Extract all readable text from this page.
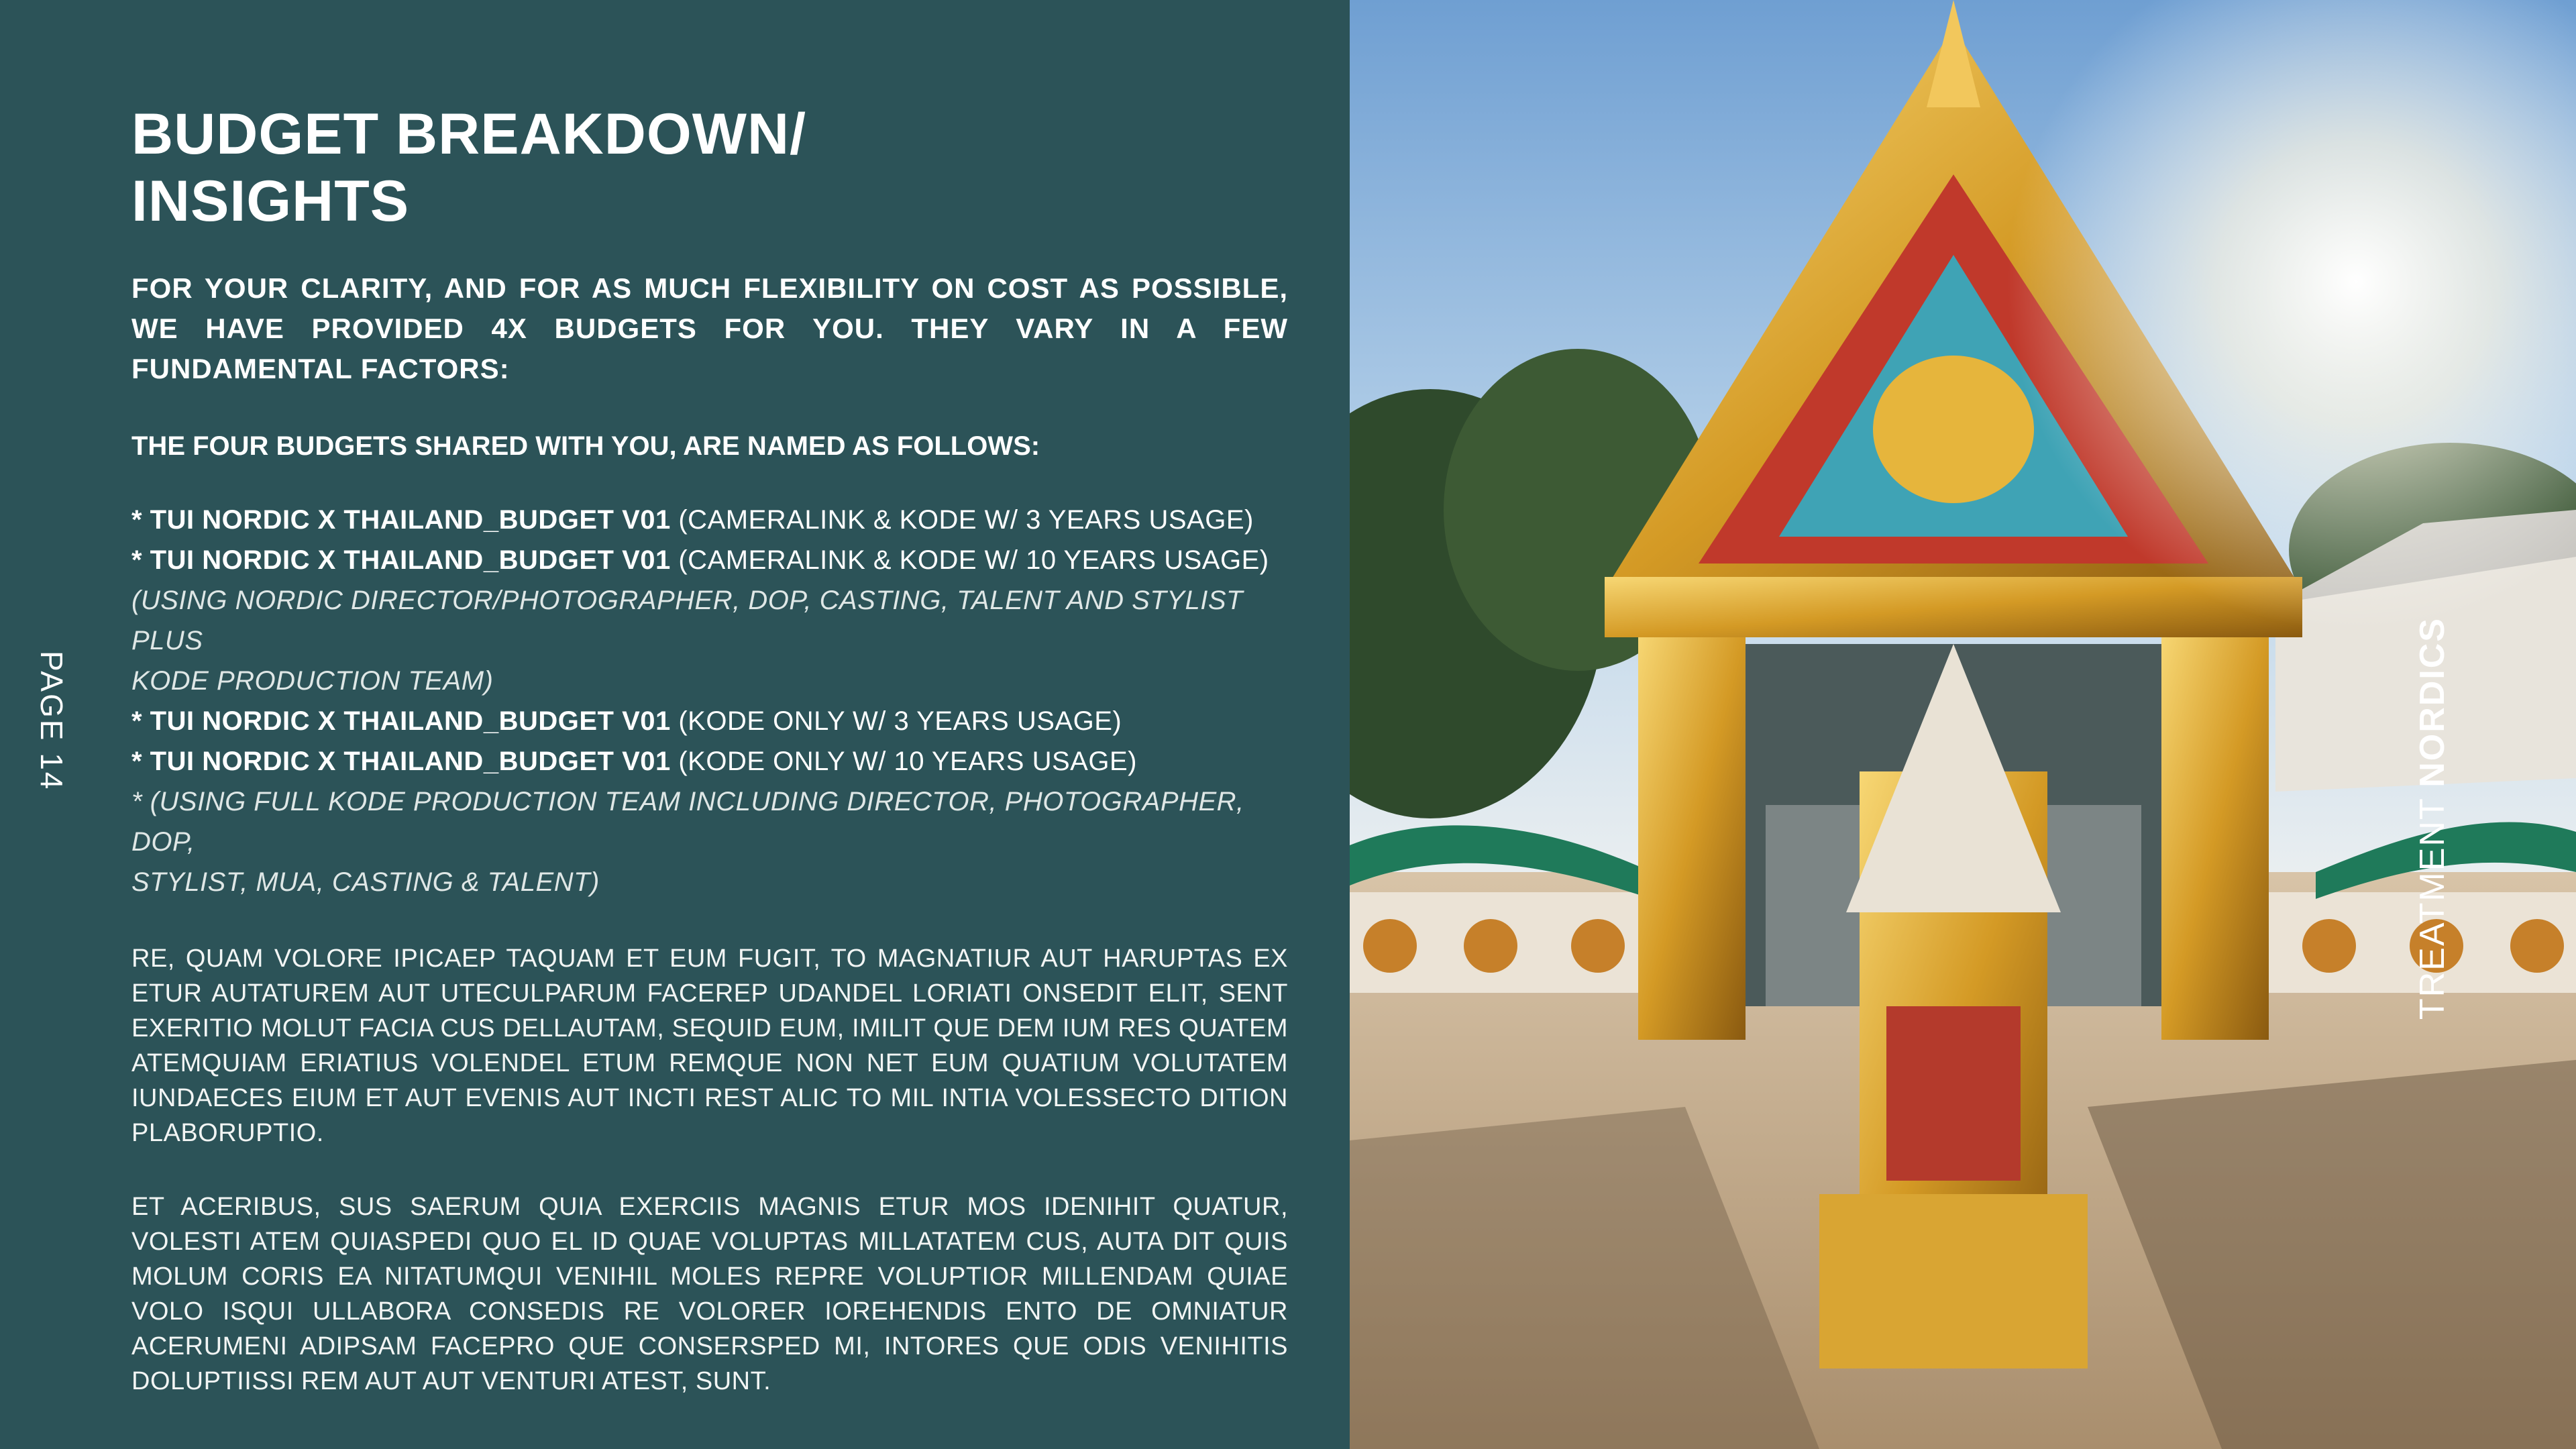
PAGE 14
BUDGET BREAKDOWN/
INSIGHTS

FOR YOUR CLARITY, AND FOR AS MUCH FLEXIBILITY ON COST AS POSSIBLE, WE HAVE PROVIDED 4X BUDGETS FOR YOU. THEY VARY IN A FEW FUNDAMENTAL FACTORS:

THE FOUR BUDGETS SHARED WITH YOU, ARE NAMED AS FOLLOWS:

* TUI NORDIC X THAILAND_BUDGET V01 (CAMERALINK & KODE W/ 3 YEARS USAGE)
* TUI NORDIC X THAILAND_BUDGET V01 (CAMERALINK & KODE W/ 10 YEARS USAGE)
(USING NORDIC DIRECTOR/PHOTOGRAPHER, DOP, CASTING, TALENT AND STYLIST PLUS
KODE PRODUCTION TEAM)
* TUI NORDIC X THAILAND_BUDGET V01 (KODE ONLY W/ 3 YEARS USAGE)
* TUI NORDIC X THAILAND_BUDGET V01 (KODE ONLY W/ 10 YEARS USAGE)
* (USING FULL KODE PRODUCTION TEAM INCLUDING DIRECTOR, PHOTOGRAPHER, DOP,
STYLIST, MUA, CASTING & TALENT)

RE, QUAM VOLORE IPICAEP TAQUAM ET EUM FUGIT, TO MAGNATIUR AUT HARUPTAS EX ETUR AUTATUREM AUT UTECULPARUM FACEREP UDANDEL LORIATI ONSEDIT ELIT, SENT EXERITIO MOLUT FACIA CUS DELLAUTAM, SEQUID EUM, IMILIT QUE DEM IUM RES QUATEM ATEMQUIAM ERIATIUS VOLENDEL ETUM REMQUE NON NET EUM QUATIUM VOLUTATEM IUNDAECES EIUM ET AUT EVENIS AUT INCTI REST ALIC TO MIL INTIA VOLESSECTO DITION PLABORUPTIO.

ET ACERIBUS, SUS SAERUM QUIA EXERCIIS MAGNIS ETUR MOS IDENIHIT QUATUR, VOLESTI ATEM QUIASPEDI QUO EL ID QUAE VOLUPTAS MILLATATEM CUS, AUTA DIT QUIS MOLUM CORIS EA NITATUMQUI VENIHIL MOLES REPRE VOLUPTIOR MILLENDAM QUIAE VOLO ISQUI ULLABORA CONSEDIS RE VOLORER IOREHENDIS ENTO DE OMNIATUR ACERUMENI ADIPSAM FACEPRO QUE CONSERSPED MI, INTORES QUE ODIS VENIHITIS DOLUPTIISSI REM AUT AUT VENTURI ATEST, SUNT.

TREATMENT NORDICS
